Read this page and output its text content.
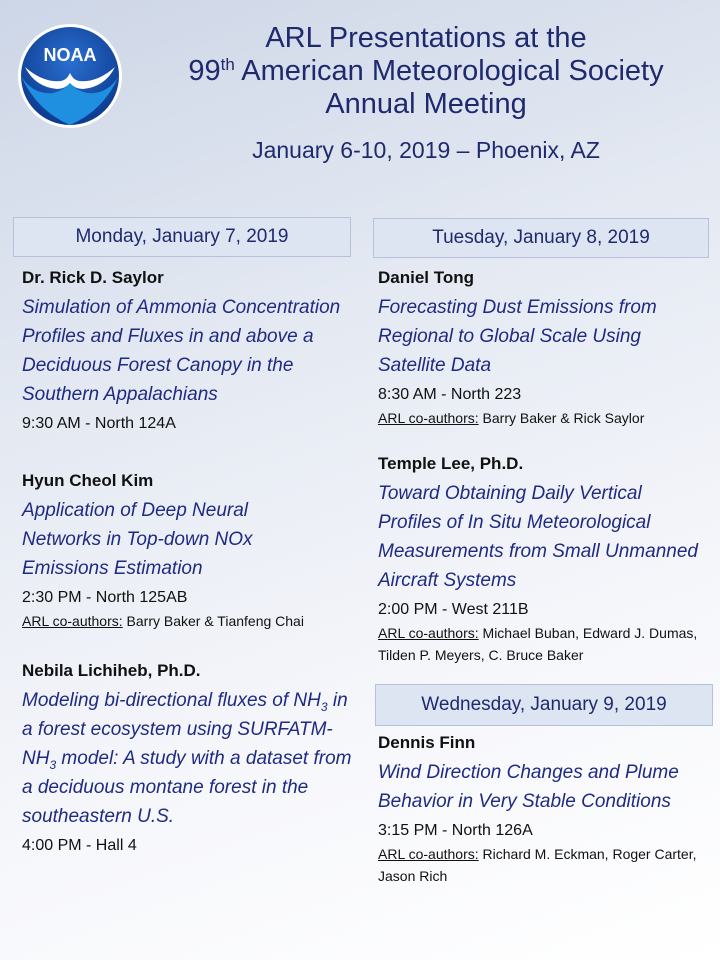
NOAA

ARL Presentations at the

99th American Meteorological Society

Annual Meeting

January 6-10, 2019 – Phoenix, AZ
Monday, January 7, 2019	Tuesday, January 8, 2019
Wednesday, January 9, 2019
Dr. Rick D. Saylor
Simulation of Ammonia Concentration Profiles and Fluxes in and above a Deciduous Forest Canopy in the Southern Appalachians
9:30 AM - North 124A
Hyun Cheol Kim
Application of Deep Neural Networks in Top-down NOx Emissions Estimation
2:30 PM - North 125AB
ARL co-authors: Barry Baker & Tianfeng Chai
Nebila Lichiheb, Ph.D.
Modeling bi-directional fluxes of $NH_3$ in a forest ecosystem using SURFATM-$NH_3$ model: A study with a dataset from a deciduous montane forest in the southeastern U.S.
4:00 PM - Hall 4
Daniel Tong
Forecasting Dust Emissions from Regional to Global Scale Using Satellite Data
8:30 AM - North 223
ARL co-authors: Barry Baker & Rick Saylor
Temple Lee, Ph.D.
Toward Obtaining Daily Vertical Profiles of In Situ Meteorological Measurements from Small Unmanned Aircraft Systems
2:00 PM - West 211B
ARL co-authors: Michael Buban, Edward J. Dumas, Tilden P. Meyers, C. Bruce Baker
Dennis Finn
Wind Direction Changes and Plume Behavior in Very Stable Conditions
3:15 PM - North 126A
ARL co-authors: Richard M. Eckman, Roger Carter, Jason Rich
